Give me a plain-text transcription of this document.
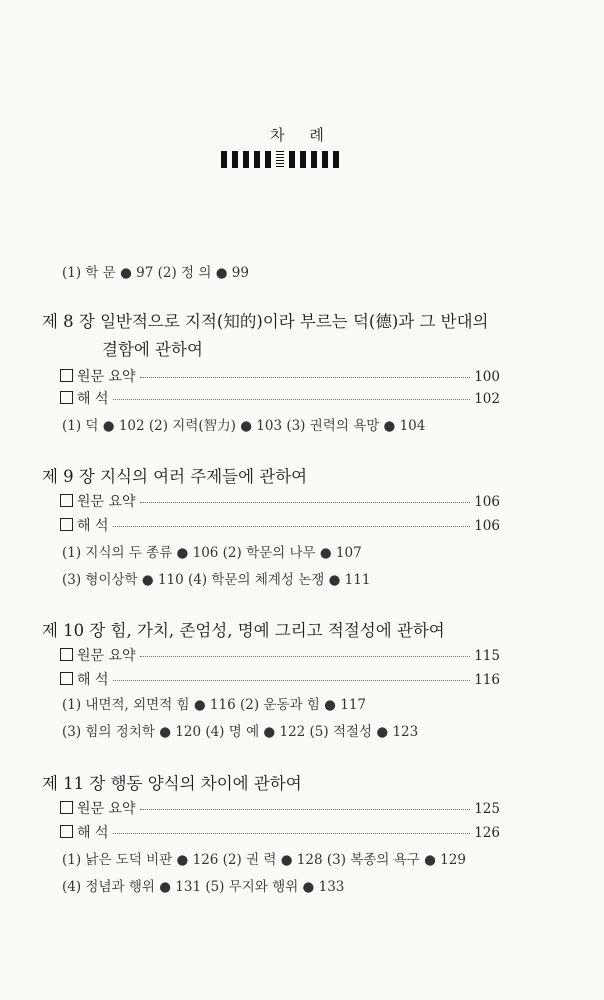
차 례
(1) 학 문 ● 97 (2) 정 의 ● 99
제 8 장 일반적으로 지적(知的)이라 부르는 덕(德)과 그 반대의
결함에 관하여
원문 요약	100
해 석	102
(1) 덕 ● 102 (2) 지력(智力) ● 103 (3) 권력의 욕망 ● 104
제 9 장 지식의 여러 주제들에 관하여
원문 요약	106
해 석	106
(1) 지식의 두 종류 ● 106 (2) 학문의 나무 ● 107
(3) 형이상학 ● 110 (4) 학문의 체계성 논쟁 ● 111
제 10 장 힘, 가치, 존엄성, 명예 그리고 적절성에 관하여
원문 요약	115
해 석	116
(1) 내면적, 외면적 힘 ● 116 (2) 운동과 힘 ● 117
(3) 힘의 정치학 ● 120 (4) 명 예 ● 122 (5) 적절성 ● 123
제 11 장 행동 양식의 차이에 관하여
원문 요약	125
해 석	126
(1) 낡은 도덕 비판 ● 126 (2) 권 력 ● 128 (3) 복종의 욕구 ● 129
(4) 정념과 행위 ● 131 (5) 무지와 행위 ● 133
